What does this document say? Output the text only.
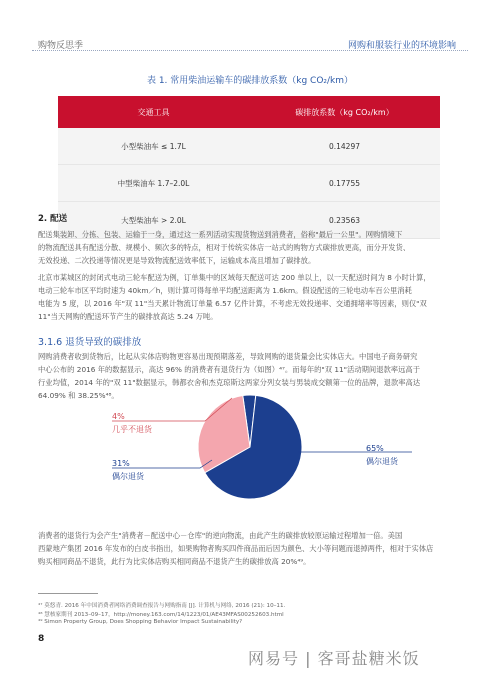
购物反思季	网购和服装行业的环境影响
表 1. 常用柴油运输车的碳排放系数（kg CO₂/km）
交通工具	碳排放系数（kg CO₂/km）
小型柴油车 ≤ 1.7L	0.14297
中型柴油车 1.7–2.0L	0.17755
大型柴油车 > 2.0L	0.23563
2. 配送
配送集装卸、分拣、包装、运输于一身，通过这一系列活动实现货物送到消费者，俗称"最后一公里"。网购情境下
的物流配送具有配送分散、规模小、频次多的特点，相对于传统实体店一站式的购物方式碳排放更高，而分开发货、
无效投递、二次投递等情况更是导致物流配送效率低下，运输成本高且增加了碳排放。
北京市某城区的封闭式电动三轮车配送为例，订单集中的区域每天配送可达 200 单以上，以一天配送时间为 8 小时计算，
电动三轮车市区平均时速为 40km／h，则计算可得每单平均配送距离为 1.6km。假设配送的三轮电动车百公里消耗
电能为 5 度，以 2016 年"双 11"当天累计物流订单量 6.57 亿件计算，不考虑无效投递率、交通拥堵率等因素，则仅"双
11"当天网购的配送环节产生的碳排放高达 5.24 万吨。
3.1.6 退货导致的碳排放
网购消费者收到货物后，比起从实体店购物更容易出现预期落差，导致网购的退货量会比实体店大。中国电子商务研究
中心公布的 2016 年的数据显示，高达 96% 的消费者有退货行为（如图）⁴⁷。而每年的"双 11"活动期间退款率远高于
行业均值，2014 年的"双 11"数据显示，韩都衣舍和杰克琼斯这两家分列女装与男装成交额第一位的品牌，退款率高达
64.09% 和 38.25%⁴⁸。
4%
几乎不退货
31%
偶尔退货
65%
偶尔退货
消费者的退货行为会产生"消费者－配送中心－仓库"的逆向物流，由此产生的碳排放较原运输过程增加一倍。美国
西蒙地产集团 2016 年发布的白皮书指出，如果购物者购买四件商品而后因为颜色、大小等问题而退掉两件，相对于实体店
购买相同商品不退货，此行为比实体店购买相同商品不退货产生的碳排放高 20%⁴⁹。
⁴⁷ 莫悠青. 2016 年中国消费者网络消费调查报告与网购指南 [J]. 计算机与网络, 2016 (21): 10–11.
⁴⁸ 慧核家期刊 2013–09–17，http://money.163.com/14/1223/01/AE43MFAS00252603.html
⁴⁹ Simon Property Group, Does Shopping Behavior Impact Sustainability?
8
网易号 | 客哥盐糖米饭
